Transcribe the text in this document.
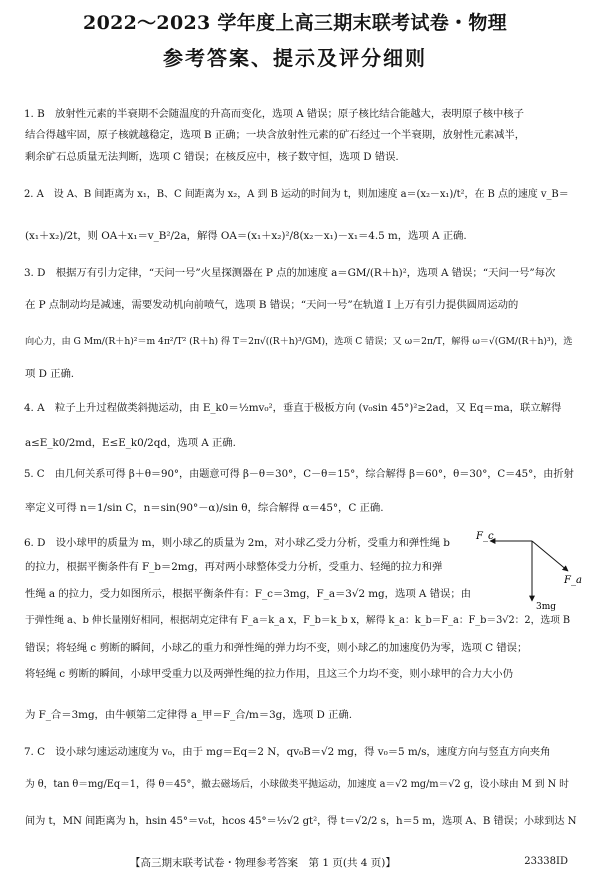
2022～2023 学年度上高三期末联考试卷・物理
参考答案、提示及评分细则
1. B　放射性元素的半衰期不会随温度的升高而变化，选项 A 错误；原子核比结合能越大，表明原子核中核子
结合得越牢固，原子核就越稳定，选项 B 正确；一块含放射性元素的矿石经过一个半衰期，放射性元素减半，
剩余矿石总质量无法判断，选项 C 错误；在核反应中，核子数守恒，选项 D 错误.
2. A　设 A、B 间距离为 x₁，B、C 间距离为 x₂，A 到 B 运动的时间为 t，则加速度 a＝(x₂－x₁)/t²，在 B 点的速度 v_B＝
(x₁＋x₂)/2t，则 OA＋x₁＝v_B²/2a，解得 OA＝(x₁＋x₂)²/8(x₂－x₁)－x₁＝4.5 m，选项 A 正确.
3. D　根据万有引力定律，“天问一号”火星探测器在 P 点的加速度 a＝GM/(R＋h)²，选项 A 错误；“天问一号”每次
在 P 点制动均是减速，需要发动机向前喷气，选项 B 错误；“天问一号”在轨道 Ⅰ 上万有引力提供圆周运动的
向心力，由 G Mm/(R＋h)²＝m 4π²/T² (R＋h) 得 T＝2π√((R＋h)³/GM)，选项 C 错误；又 ω＝2π/T，解得 ω＝√(GM/(R＋h)³)，选
项 D 正确.
4. A　粒子上升过程做类斜抛运动，由 E_k0＝½mv₀²，垂直于极板方向 (v₀sin 45°)²≥2ad，又 Eq＝ma，联立解得
a≤E_k0/2md，E≤E_k0/2qd，选项 A 正确.
5. C　由几何关系可得 β＋θ＝90°，由题意可得 β－θ＝30°，C－θ＝15°，综合解得 β＝60°，θ＝30°，C＝45°，由折射
率定义可得 n＝1/sin C，n＝sin(90°－α)/sin θ，综合解得 α＝45°，C 正确.
6. D　设小球甲的质量为 m，则小球乙的质量为 2m，对小球乙受力分析，受重力和弹性绳 b
的拉力，根据平衡条件有 F_b＝2mg，再对两小球整体受力分析，受重力、轻绳的拉力和弹
性绳 a 的拉力，受力如图所示，根据平衡条件有：F_c＝3mg，F_a＝3√2 mg，选项 A 错误；由
于弹性绳 a、b 伸长量刚好相同，根据胡克定律有 F_a＝k_a x，F_b＝k_b x，解得 k_a：k_b＝F_a：F_b＝3√2：2，选项 B
错误；将轻绳 c 剪断的瞬间，小球乙的重力和弹性绳的弹力均不变，则小球乙的加速度仍为零，选项 C 错误；
将轻绳 c 剪断的瞬间，小球甲受重力以及两弹性绳的拉力作用，且这三个力均不变，则小球甲的合力大小仍
为 F_合＝3mg，由牛顿第二定律得 a_甲＝F_合/m＝3g，选项 D 正确.
7. C　设小球匀速运动速度为 v₀，由于 mg＝Eq＝2 N，qv₀B＝√2 mg，得 v₀＝5 m/s，速度方向与竖直方向夹角
为 θ，tan θ＝mg/Eq＝1，得 θ＝45°，撤去磁场后，小球做类平抛运动，加速度 a＝√2 mg/m＝√2 g，设小球由 M 到 N 时
间为 t，MN 间距离为 h，hsin 45°＝v₀t，hcos 45°＝½√2 gt²，得 t＝√2/2 s，h＝5 m，选项 A、B 错误；小球到达 N
F_c
F_a
3mg
【高三期末联考试卷・物理参考答案　第 1 页(共 4 页)】	23338ID
